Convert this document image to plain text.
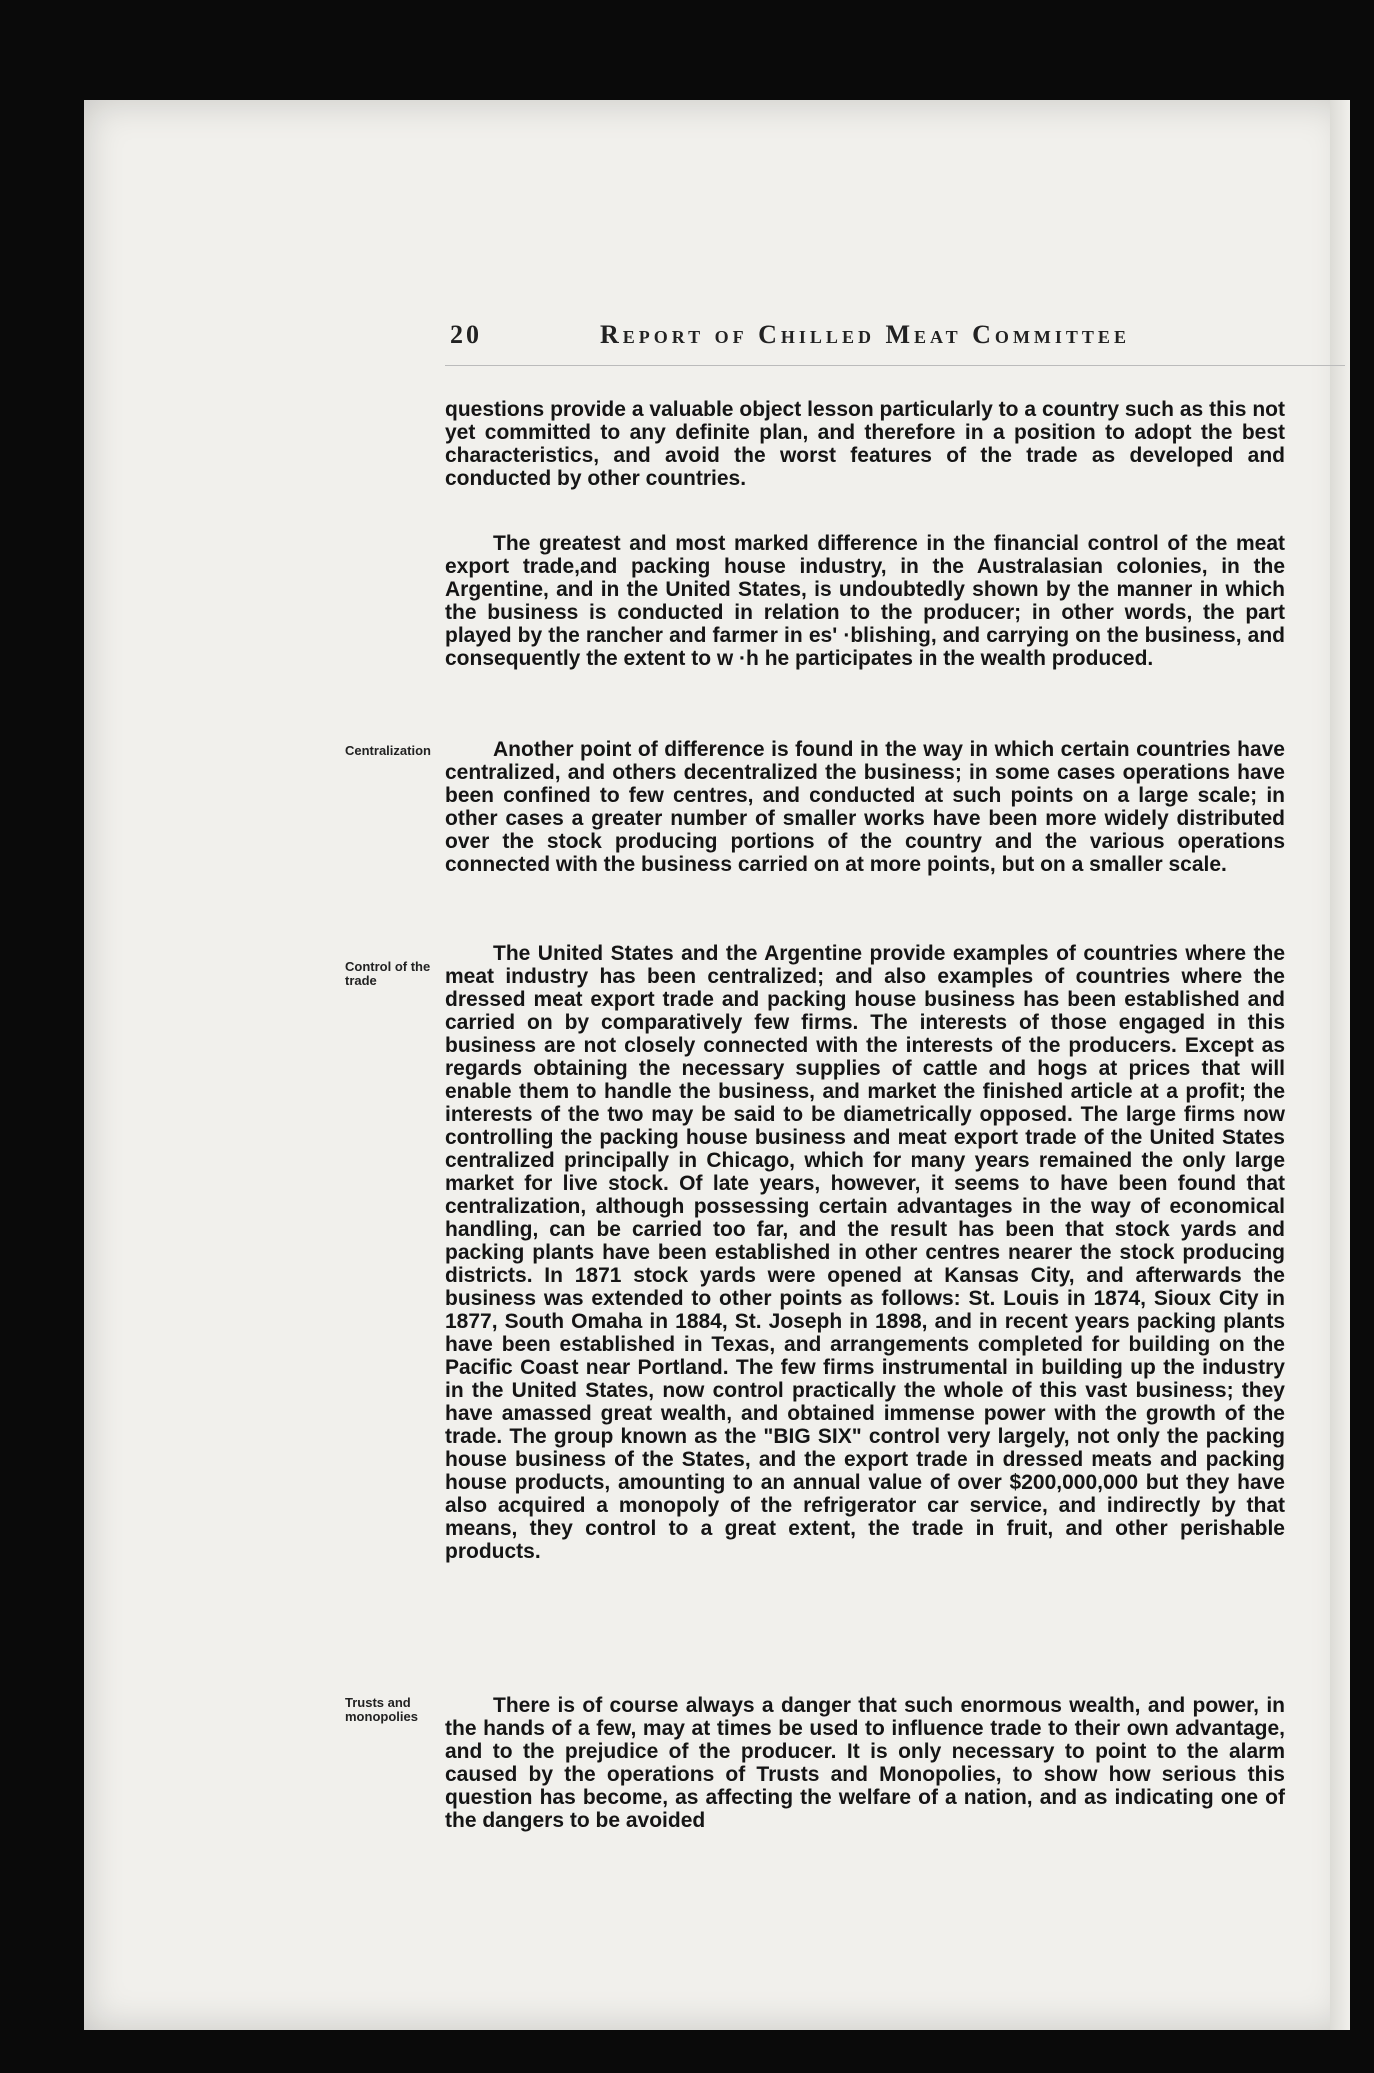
20	Report of Chilled Meat Committee
questions provide a valuable object lesson particularly to a country such as this not yet committed to any definite plan, and therefore in a position to adopt the best characteristics, and avoid the worst features of the trade as developed and conducted by other countries.
The greatest and most marked difference in the financial control of the meat export trade,and packing house industry, in the Australasian colonies, in the Argentine, and in the United States, is undoubtedly shown by the manner in which the business is conducted in relation to the producer; in other words, the part played by the rancher and farmer in es' ·blishing, and carrying on the business, and consequently the extent to w ·h he participates in the wealth produced.
Centralization	Another point of difference is found in the way in which certain countries have centralized, and others decentralized the business; in some cases operations have been confined to few centres, and conducted at such points on a large scale; in other cases a greater number of smaller works have been more widely distributed over the stock producing portions of the country and the various operations connected with the business carried on at more points, but on a smaller scale.
Control of the trade
The United States and the Argentine provide examples of countries where the meat industry has been centralized; and also examples of countries where the dressed meat export trade and packing house business has been established and carried on by comparatively few firms. The interests of those engaged in this business are not closely connected with the interests of the producers. Except as regards obtaining the necessary supplies of cattle and hogs at prices that will enable them to handle the business, and market the finished article at a profit; the interests of the two may be said to be diametrically opposed. The large firms now controlling the packing house business and meat export trade of the United States centralized principally in Chicago, which for many years remained the only large market for live stock. Of late years, however, it seems to have been found that centralization, although possessing certain advantages in the way of economical handling, can be carried too far, and the result has been that stock yards and packing plants have been established in other centres nearer the stock producing districts. In 1871 stock yards were opened at Kansas City, and afterwards the business was extended to other points as follows: St. Louis in 1874, Sioux City in 1877, South Omaha in 1884, St. Joseph in 1898, and in recent years packing plants have been established in Texas, and arrangements completed for building on the Pacific Coast near Portland. The few firms instrumental in building up the industry in the United States, now control practically the whole of this vast business; they have amassed great wealth, and obtained immense power with the growth of the trade. The group known as the "BIG SIX" control very largely, not only the packing house business of the States, and the export trade in dressed meats and packing house products, amounting to an annual value of over $200,000,000 but they have also acquired a monopoly of the refrigerator car service, and indirectly by that means, they control to a great extent, the trade in fruit, and other perishable products.
Trusts and monopolies	There is of course always a danger that such enormous wealth, and power, in the hands of a few, may at times be used to influence trade to their own advantage, and to the prejudice of the producer. It is only necessary to point to the alarm caused by the operations of Trusts and Monopolies, to show how serious this question has become, as affecting the welfare of a nation, and as indicating one of the dangers to be avoided
